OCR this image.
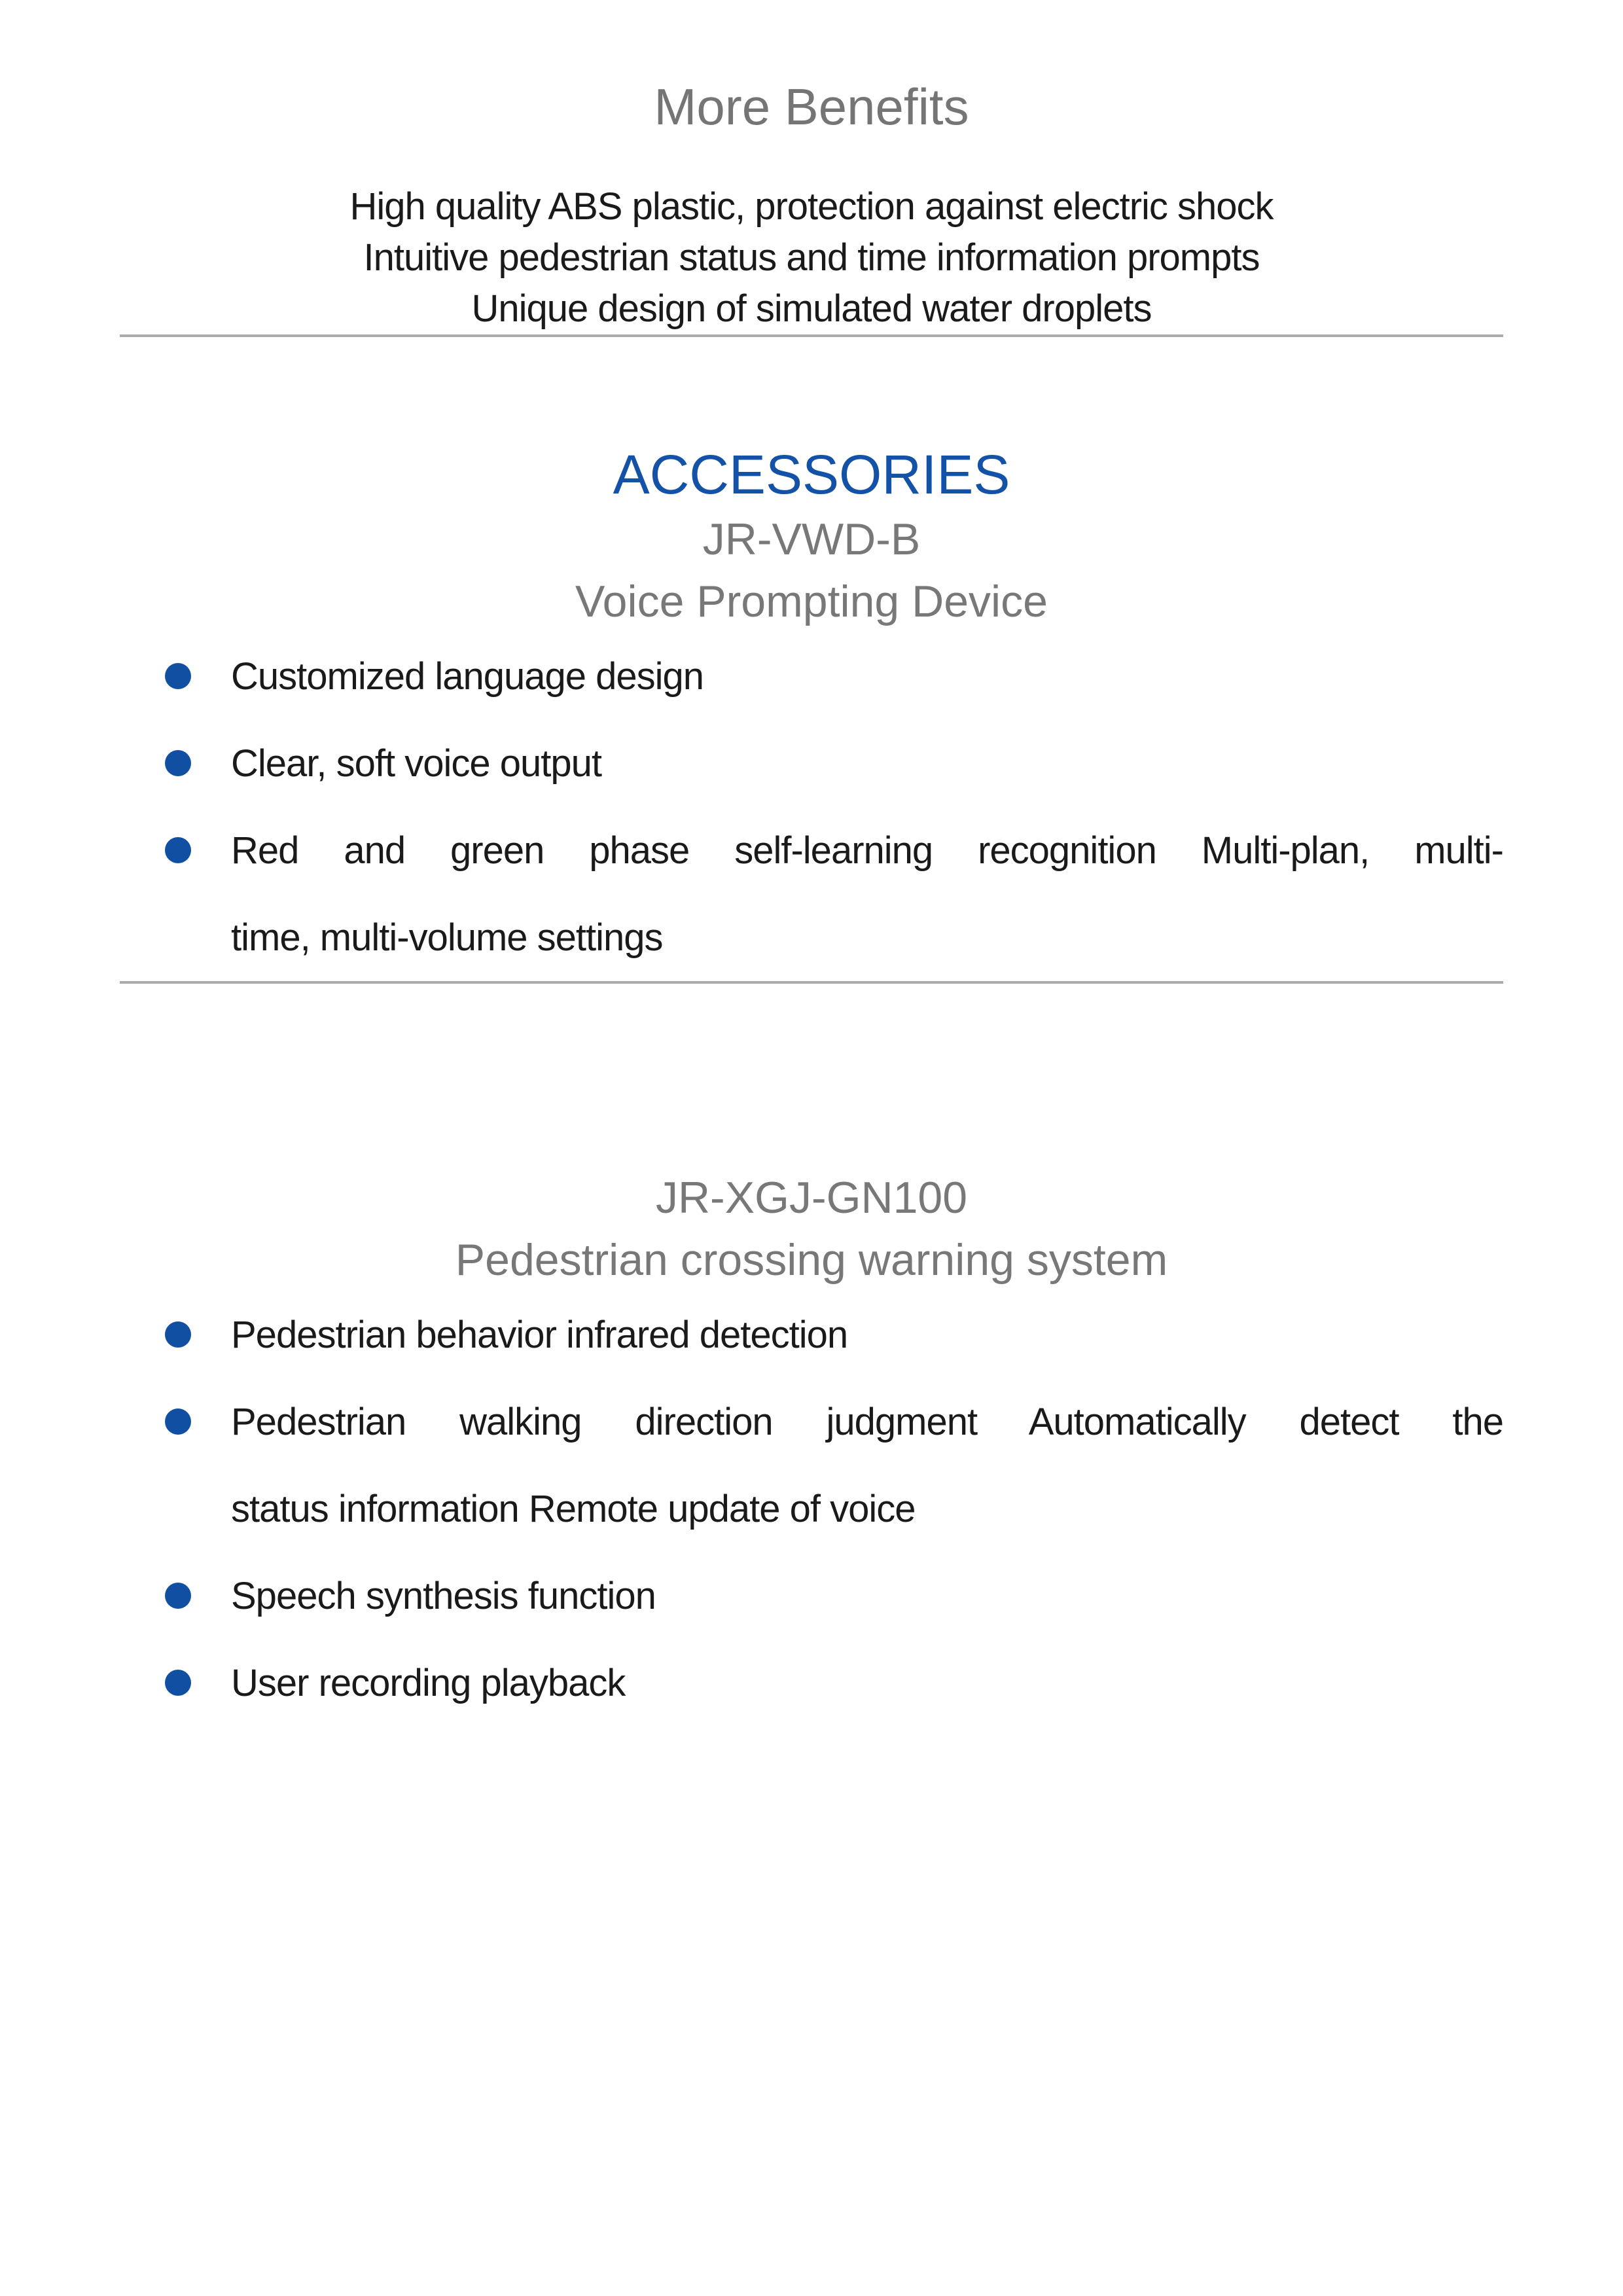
More Benefits
High quality ABS plastic, protection against electric shock
Intuitive pedestrian status and time information prompts
Unique design of simulated water droplets
ACCESSORIES
JR-VWD-B
Voice Prompting Device
Customized language design
Clear, soft voice output
Red and green phase self-learning recognition Multi-plan, multi-
time, multi-volume settings
JR-XGJ-GN100
Pedestrian crossing warning system
Pedestrian behavior infrared detection
Pedestrian walking direction judgment Automatically detect the
status information Remote update of voice
Speech synthesis function
User recording playback
